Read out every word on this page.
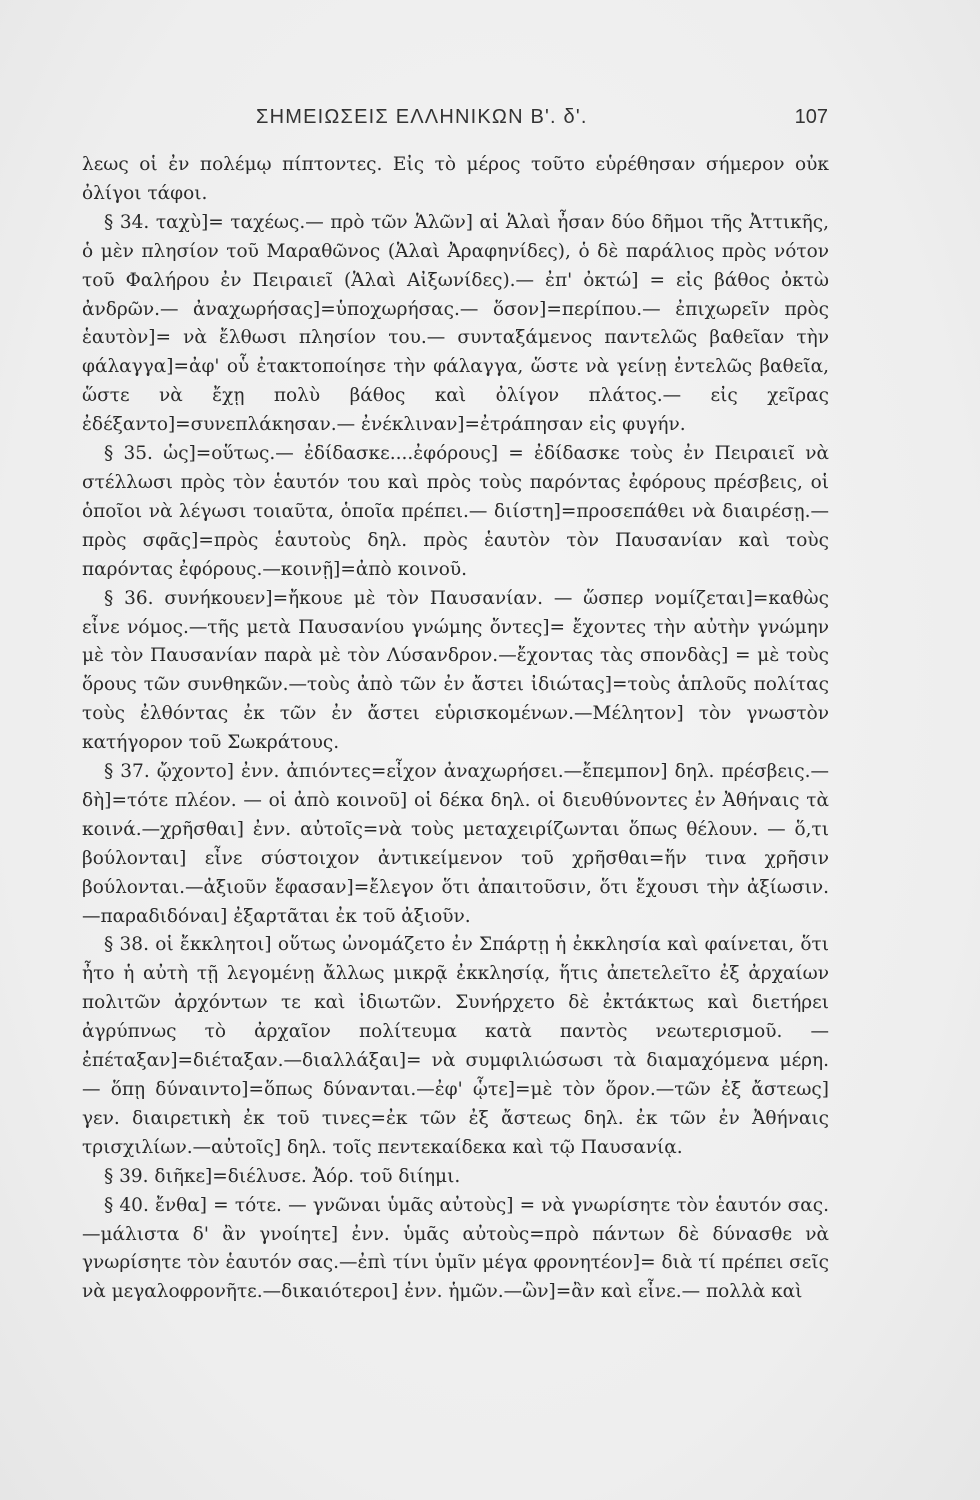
ΣΗΜΕΙΩΣΕΙΣ ΕΛΛΗΝΙΚΩΝ Β'. δ'.	107

λεως οἱ ἐν πολέμῳ πίπτοντες. Εἰς τὸ μέρος τοῦτο εὑρέθησαν σήμερον οὐκ ὀλίγοι τάφοι.

§ 34. ταχὺ]= ταχέως.— πρὸ τῶν Ἁλῶν] αἱ Ἁλαὶ ἦσαν δύο δῆμοι τῆς Ἀττικῆς, ὁ μὲν πλησίον τοῦ Μαραθῶνος (Ἁλαὶ Ἀραφηνίδες), ὁ δὲ παράλιος πρὸς νότον τοῦ Φαλήρου ἐν Πειραιεῖ (Ἁλαὶ Αἰξωνίδες).— ἐπ' ὀκτώ] = εἰς βάθος ὀκτὼ ἀνδρῶν.— ἀναχωρήσας]=ὑποχωρήσας.— ὅσον]=περίπου.— ἐπιχωρεῖν πρὸς ἑαυτὸν]= νὰ ἔλθωσι πλησίον του.— συνταξάμενος παντελῶς βαθεῖαν τὴν φάλαγγα]=ἀφ' οὗ ἐτακτοποίησε τὴν φάλαγγα, ὥστε νὰ γείνῃ ἐντελῶς βαθεῖα, ὥστε νὰ ἔχῃ πολὺ βάθος καὶ ὀλίγον πλάτος.— εἰς χεῖρας ἐδέξαντο]=συνεπλάκησαν.— ἐνέκλιναν]=ἐτράπησαν εἰς φυγήν.

§ 35. ὡς]=οὕτως.— ἐδίδασκε....ἐφόρους] = ἐδίδασκε τοὺς ἐν Πειραιεῖ νὰ στέλλωσι πρὸς τὸν ἑαυτόν του καὶ πρὸς τοὺς παρόντας ἐφόρους πρέσβεις, οἱ ὁποῖοι νὰ λέγωσι τοιαῦτα, ὁποῖα πρέπει.— διίστη]=προσεπάθει νὰ διαιρέσῃ.—πρὸς σφᾶς]=πρὸς ἑαυτοὺς δηλ. πρὸς ἑαυτὸν τὸν Παυσανίαν καὶ τοὺς παρόντας ἐφόρους.—κοινῇ]=ἀπὸ κοινοῦ.

§ 36. συνήκουεν]=ἤκουε μὲ τὸν Παυσανίαν. — ὥσπερ νομίζεται]=καθὼς εἶνε νόμος.—τῆς μετὰ Παυσανίου γνώμης ὄντες]= ἔχοντες τὴν αὐτὴν γνώμην μὲ τὸν Παυσανίαν παρὰ μὲ τὸν Λύσανδρον.—ἔχοντας τὰς σπονδὰς] = μὲ τοὺς ὅρους τῶν συνθηκῶν.—τοὺς ἀπὸ τῶν ἐν ἄστει ἰδιώτας]=τοὺς ἁπλοῦς πολίτας τοὺς ἐλθόντας ἐκ τῶν ἐν ἄστει εὑρισκομένων.—Μέλητον] τὸν γνωστὸν κατήγορον τοῦ Σωκράτους.

§ 37. ᾤχοντο] ἐνν. ἀπιόντες=εἶχον ἀναχωρήσει.—ἔπεμπον] δηλ. πρέσβεις.—δὴ]=τότε πλέον. — οἱ ἀπὸ κοινοῦ] οἱ δέκα δηλ. οἱ διευθύνοντες ἐν Ἀθήναις τὰ κοινά.—χρῆσθαι] ἐνν. αὐτοῖς=νὰ τοὺς μεταχειρίζωνται ὅπως θέλουν. — ὅ,τι βούλονται] εἶνε σύστοιχον ἀντικείμενον τοῦ χρῆσθαι=ἥν τινα χρῆσιν βούλονται.—ἀξιοῦν ἔφασαν]=ἔλεγον ὅτι ἀπαιτοῦσιν, ὅτι ἔχουσι τὴν ἀξίωσιν. —παραδιδόναι] ἐξαρτᾶται ἐκ τοῦ ἀξιοῦν.

§ 38. οἱ ἔκκλητοι] οὕτως ὠνομάζετο ἐν Σπάρτῃ ἡ ἐκκλησία καὶ φαίνεται, ὅτι ἦτο ἡ αὐτὴ τῇ λεγομένῃ ἄλλως μικρᾷ ἐκκλησίᾳ, ἥτις ἀπετελεῖτο ἐξ ἀρχαίων πολιτῶν ἀρχόντων τε καὶ ἰδιωτῶν. Συνήρχετο δὲ ἐκτάκτως καὶ διετήρει ἀγρύπνως τὸ ἀρχαῖον πολίτευμα κατὰ παντὸς νεωτερισμοῦ. — ἐπέταξαν]=διέταξαν.—διαλλάξαι]= νὰ συμφιλιώσωσι τὰ διαμαχόμενα μέρη. — ὅπῃ δύναιντο]=ὅπως δύνανται.—ἐφ' ᾧτε]=μὲ τὸν ὅρον.—τῶν ἐξ ἄστεως] γεν. διαιρετικὴ ἐκ τοῦ τινες=ἐκ τῶν ἐξ ἄστεως δηλ. ἐκ τῶν ἐν Ἀθήναις τρισχιλίων.—αὐτοῖς] δηλ. τοῖς πεντεκαίδεκα καὶ τῷ Παυσανίᾳ.

§ 39. διῆκε]=διέλυσε. Ἀόρ. τοῦ διίημι.

§ 40. ἔνθα] = τότε. — γνῶναι ὑμᾶς αὐτοὺς] = νὰ γνωρίσητε τὸν ἑαυτόν σας.—μάλιστα δ' ἂν γνοίητε] ἐνν. ὑμᾶς αὐτοὺς=πρὸ πάντων δὲ δύνασθε νὰ γνωρίσητε τὸν ἑαυτόν σας.—ἐπὶ τίνι ὑμῖν μέγα φρονητέον]= διὰ τί πρέπει σεῖς νὰ μεγαλοφρονῆτε.—δικαιότεροι] ἐνν. ἡμῶν.—ὢν]=ἂν καὶ εἶνε.— πολλὰ καὶ
